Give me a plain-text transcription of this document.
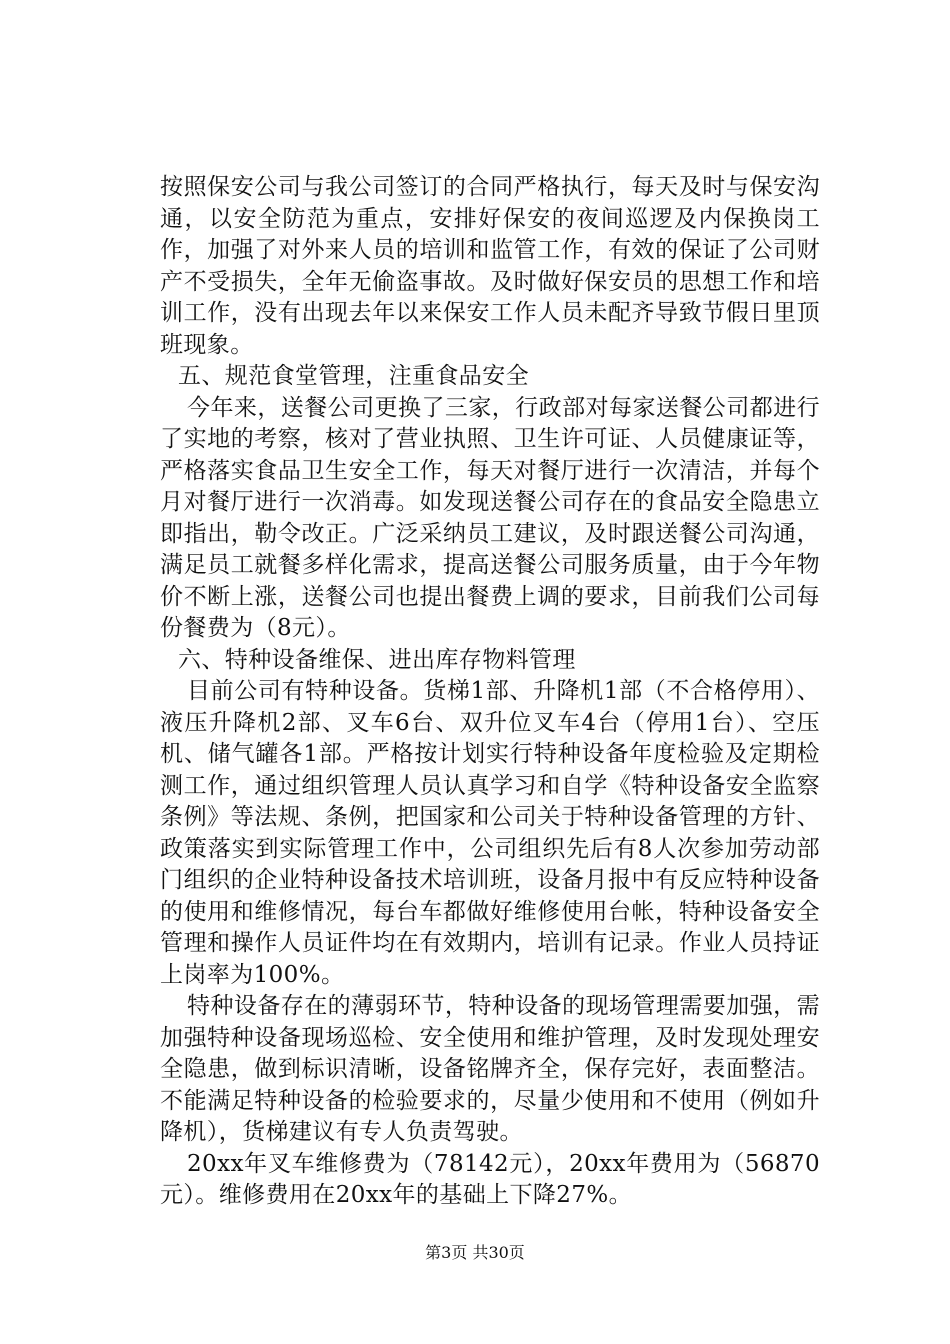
按照保安公司与我公司签订的合同严格执行，每天及时与保安沟通，以安全防范为重点，安排好保安的夜间巡逻及内保换岗工作，加强了对外来人员的培训和监管工作，有效的保证了公司财产不受损失，全年无偷盗事故。及时做好保安员的思想工作和培训工作，没有出现去年以来保安工作人员未配齐导致节假日里顶班现象。

五、规范食堂管理，注重食品安全

今年来，送餐公司更换了三家，行政部对每家送餐公司都进行了实地的考察，核对了营业执照、卫生许可证、人员健康证等，严格落实食品卫生安全工作，每天对餐厅进行一次清洁，并每个月对餐厅进行一次消毒。如发现送餐公司存在的食品安全隐患立即指出，勒令改正。广泛采纳员工建议，及时跟送餐公司沟通，满足员工就餐多样化需求，提高送餐公司服务质量，由于今年物价不断上涨，送餐公司也提出餐费上调的要求，目前我们公司每份餐费为（8元）。

六、特种设备维保、进出库存物料管理

目前公司有特种设备。货梯1部、升降机1部（不合格停用）、液压升降机2部、叉车6台、双升位叉车4台（停用1台）、空压机、储气罐各1部。严格按计划实行特种设备年度检验及定期检测工作，通过组织管理人员认真学习和自学《特种设备安全监察条例》等法规、条例，把国家和公司关于特种设备管理的方针、政策落实到实际管理工作中，公司组织先后有8人次参加劳动部门组织的企业特种设备技术培训班，设备月报中有反应特种设备的使用和维修情况，每台车都做好维修使用台帐，特种设备安全管理和操作人员证件均在有效期内，培训有记录。作业人员持证上岗率为100%。

特种设备存在的薄弱环节，特种设备的现场管理需要加强，需加强特种设备现场巡检、安全使用和维护管理，及时发现处理安全隐患，做到标识清晰，设备铭牌齐全，保存完好，表面整洁。不能满足特种设备的检验要求的，尽量少使用和不使用（例如升降机），货梯建议有专人负责驾驶。

20xx年叉车维修费为（78142元），20xx年费用为（56870元）。维修费用在20xx年的基础上下降27%。

第3页 共30页
